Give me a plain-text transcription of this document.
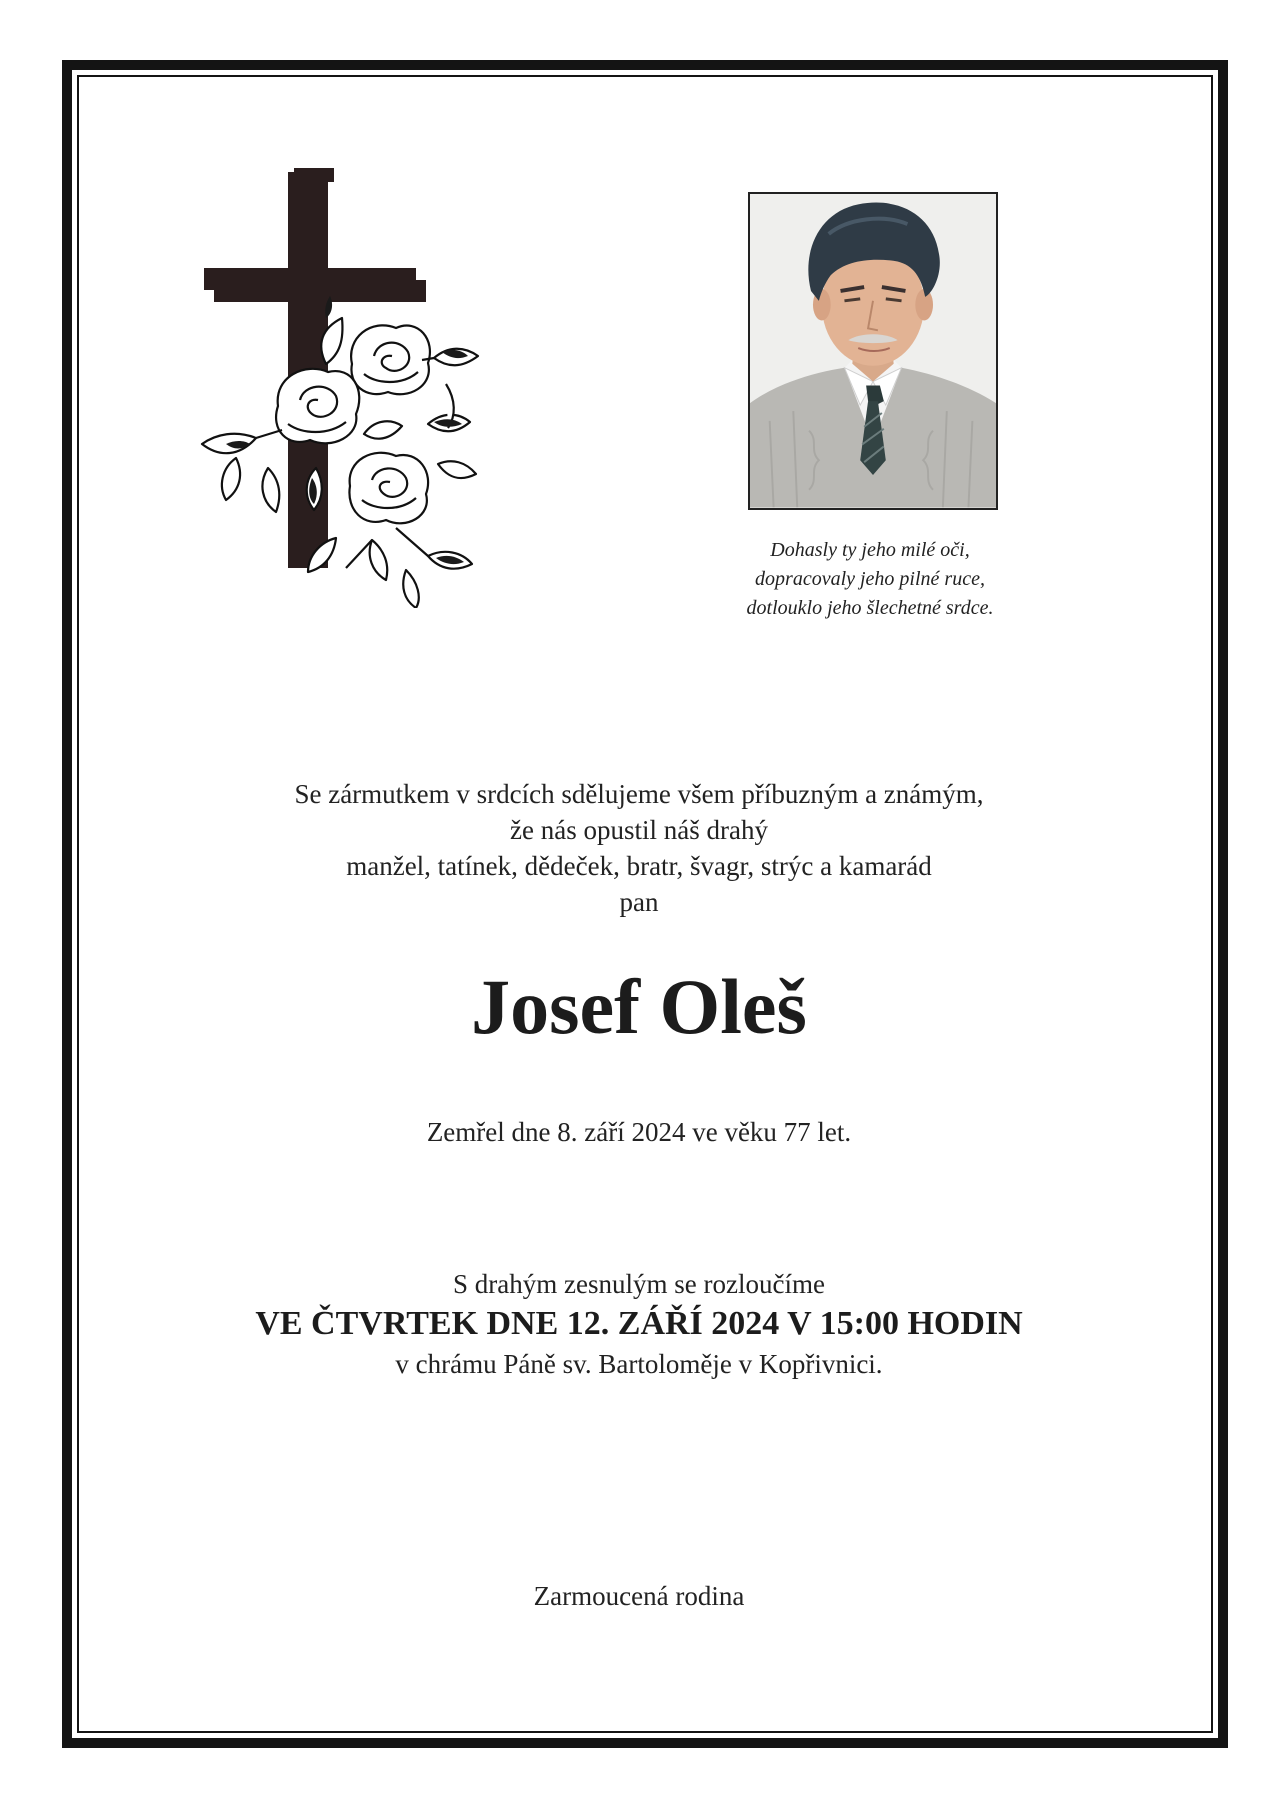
Dohasly ty jeho milé oči,
dopracovaly jeho pilné ruce,
dotlouklo jeho šlechetné srdce.
Se zármutkem v srdcích sdělujeme všem příbuzným a známým,
že nás opustil náš drahý
manžel, tatínek, dědeček, bratr, švagr, strýc a kamarád
pan
Josef Oleš
Zemřel dne 8. září 2024 ve věku 77 let.
S drahým zesnulým se rozloučíme
VE ČTVRTEK DNE 12. ZÁŘÍ 2024 V 15:00 HODIN
v chrámu Páně sv. Bartoloměje v Kopřivnici.
Zarmoucená rodina
